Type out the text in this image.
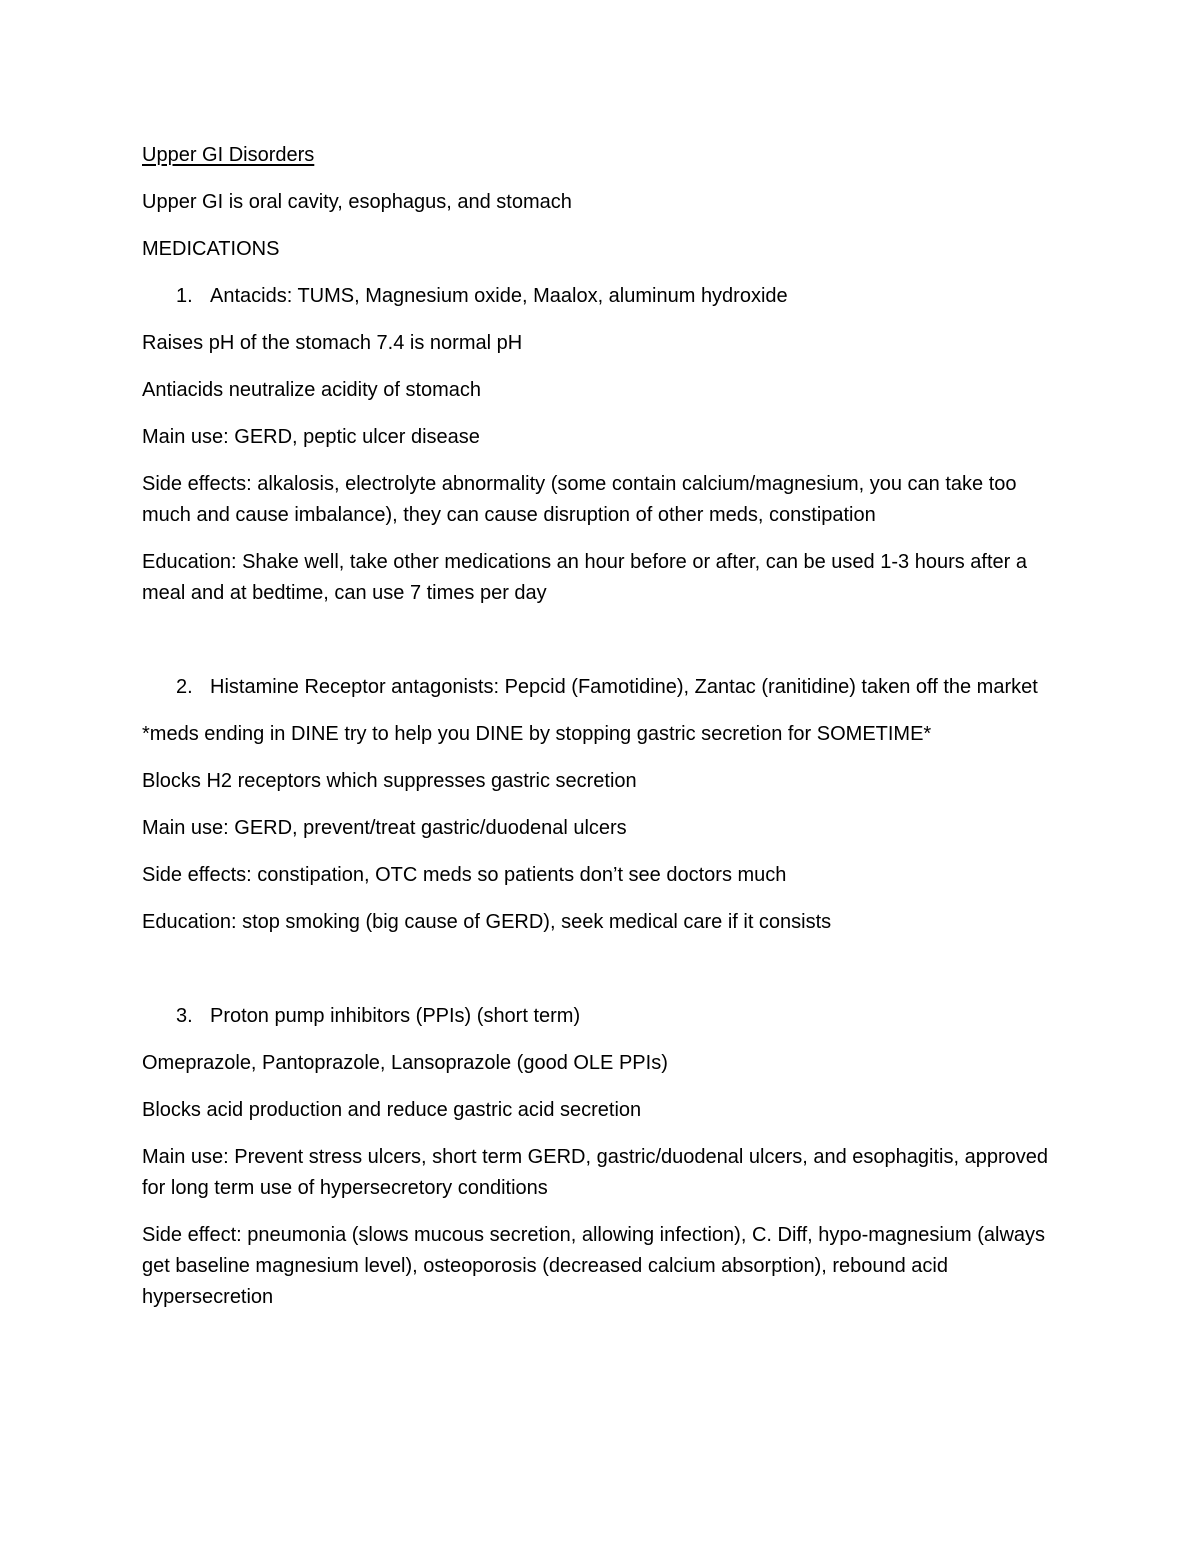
Upper GI Disorders

Upper GI is oral cavity, esophagus, and stomach

MEDICATIONS

1. Antacids: TUMS, Magnesium oxide, Maalox, aluminum hydroxide

Raises pH of the stomach 7.4 is normal pH

Antiacids neutralize acidity of stomach

Main use: GERD, peptic ulcer disease

Side effects: alkalosis, electrolyte abnormality (some contain calcium/magnesium, you can take too much and cause imbalance), they can cause disruption of other meds, constipation

Education: Shake well, take other medications an hour before or after, can be used 1-3 hours after a meal and at bedtime, can use 7 times per day

2. Histamine Receptor antagonists: Pepcid (Famotidine), Zantac (ranitidine) taken off the market

*meds ending in DINE try to help you DINE by stopping gastric secretion for SOMETIME*

Blocks H2 receptors which suppresses gastric secretion

Main use: GERD, prevent/treat gastric/duodenal ulcers

Side effects: constipation, OTC meds so patients don’t see doctors much

Education: stop smoking (big cause of GERD), seek medical care if it consists

3. Proton pump inhibitors (PPIs) (short term)

Omeprazole, Pantoprazole, Lansoprazole (good OLE PPIs)

Blocks acid production and reduce gastric acid secretion

Main use: Prevent stress ulcers, short term GERD, gastric/duodenal ulcers, and esophagitis, approved for long term use of hypersecretory conditions

Side effect: pneumonia (slows mucous secretion, allowing infection), C. Diff, hypo-magnesium (always get baseline magnesium level), osteoporosis (decreased calcium absorption), rebound acid hypersecretion
